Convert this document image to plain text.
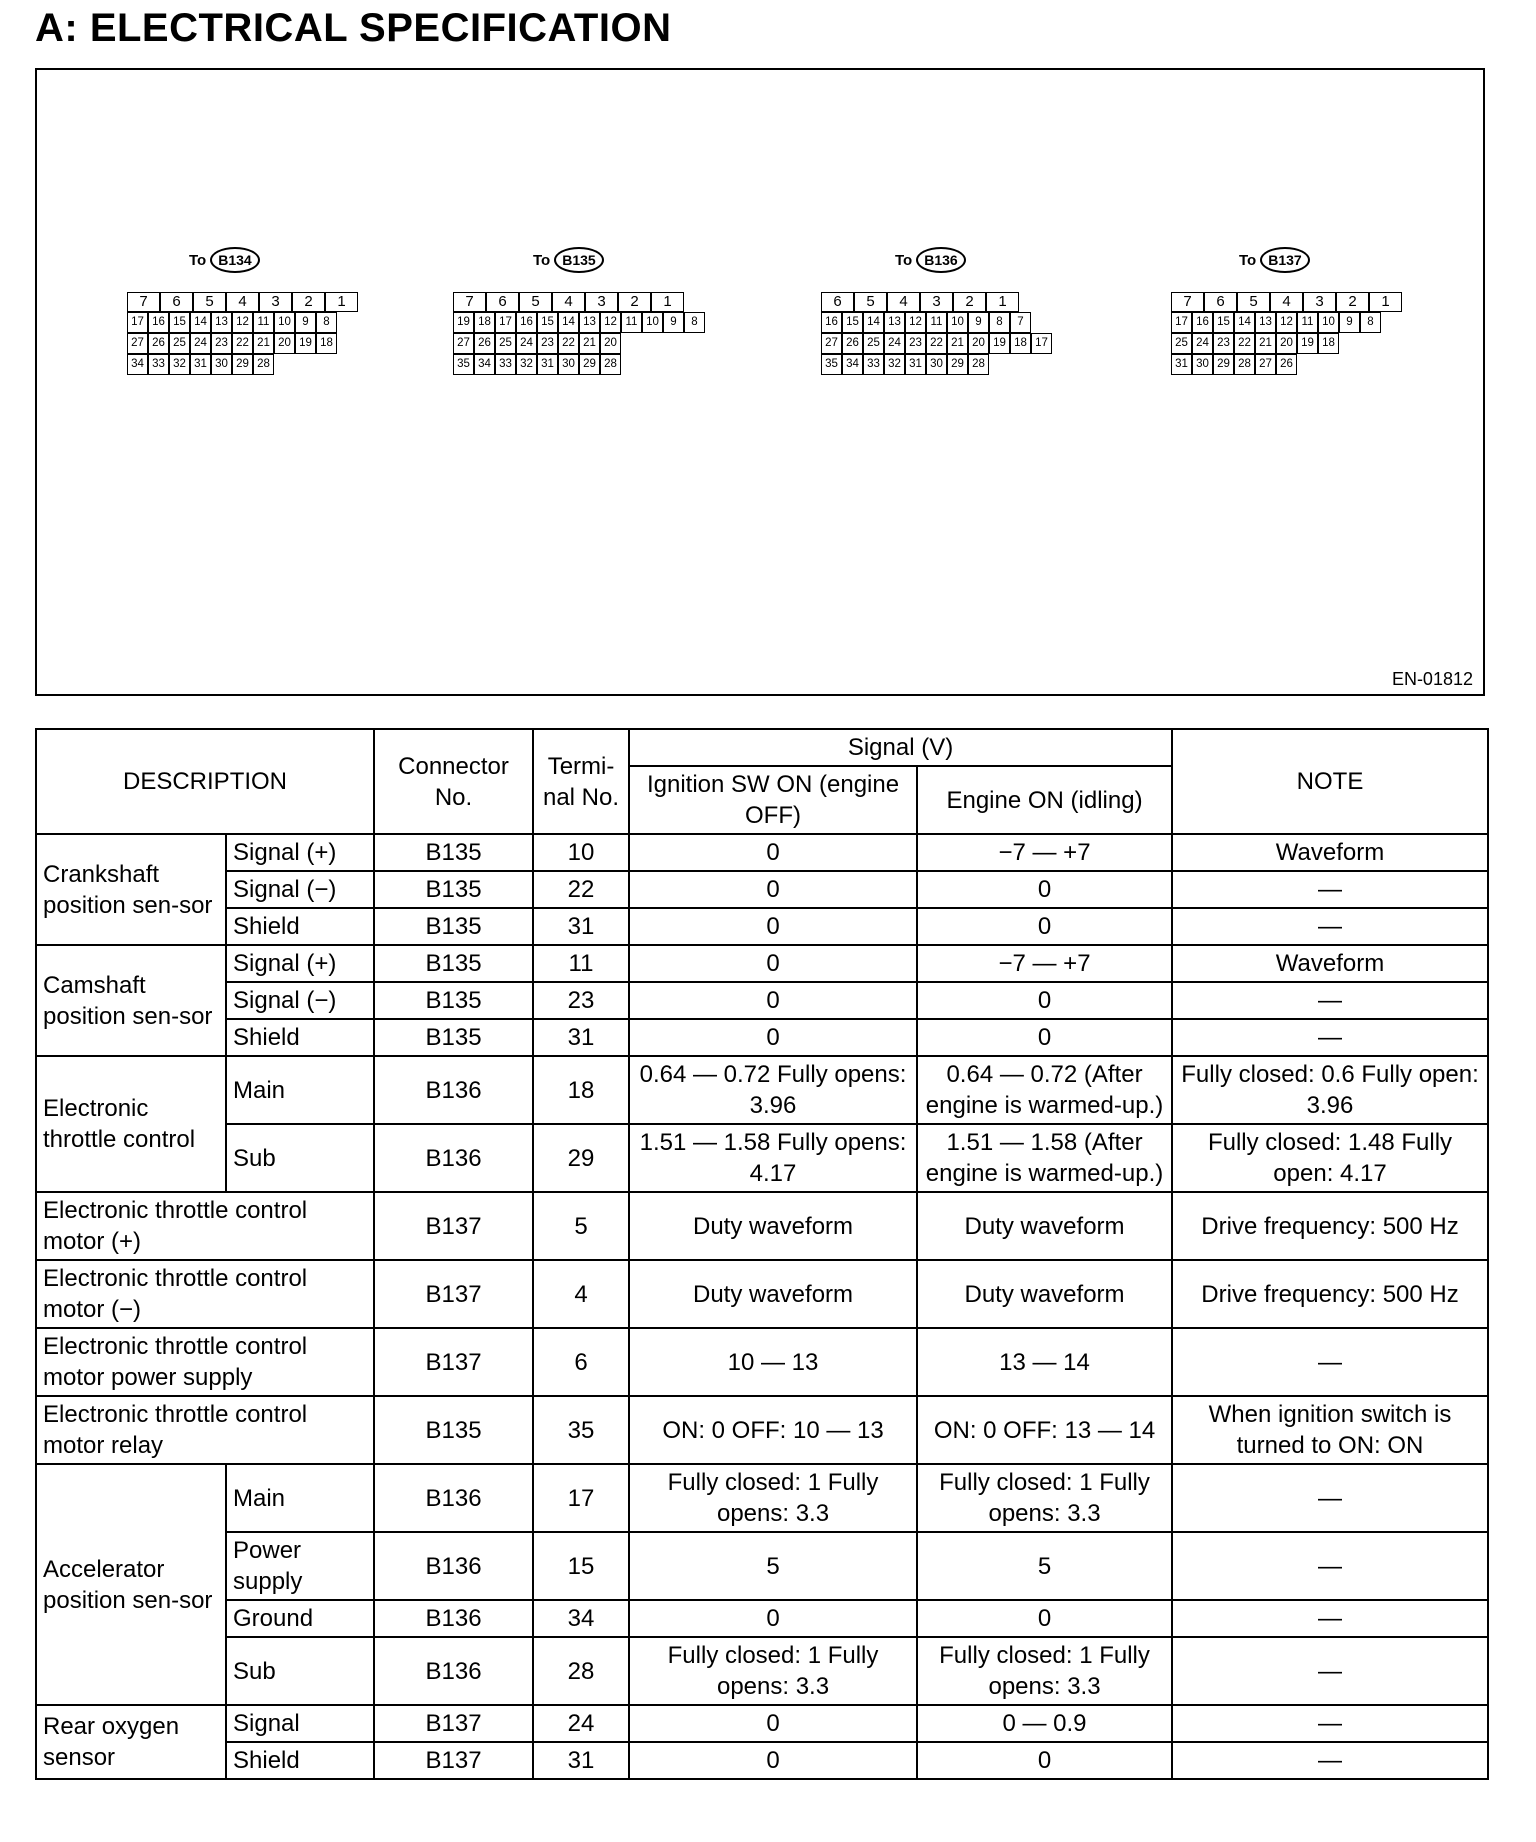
A: ELECTRICAL SPECIFICATION
To B134
7	6	5	4	3	2	1
17 16 15 14 13 12 11 10 9	8
27 26 25 24 23 22 21 20 19 18
34 33 32 31 30 29 28
To B135
7	6	5	4	3	2	1
19 18 17 16 15 14 13 12 11 10 9	8
27 26 25 24 23 22 21 20
35 34 33 32 31 30 29 28
To B136
6	5	4	3	2	1
16 15 14 13 12 11 10 9	8	7
27 26 25 24 23 22 21 20 19 18 17
35 34 33 32 31 30 29 28
To B137
7	6	5	4	3	2	1
17 16 15 14 13 12 11 10 9	8
25 24 23 22 21 20 19 18
31 30 29 28 27 26
EN-01812
DESCRIPTION		Connector No.	Termi-nal No.	Signal (V)		NOTE
				Ignition SW ON (engine OFF)	Engine ON (idling)	
Crankshaft position sen-sor	Signal (+)	B135	10	0	−7 — +7	Waveform
	Signal (−)	B135	22	0	0	—
	Shield	B135	31	0	0	—
Camshaft position sen-sor	Signal (+)	B135	11	0	−7 — +7	Waveform
	Signal (−)	B135	23	0	0	—
	Shield	B135	31	0	0	—
Electronic throttle control	Main	B136	18	0.64 — 0.72 Fully opens: 3.96	0.64 — 0.72 (After engine is warmed-up.)	Fully closed: 0.6 Fully open: 3.96
	Sub	B136	29	1.51 — 1.58 Fully opens: 4.17	1.51 — 1.58 (After engine is warmed-up.)	Fully closed: 1.48 Fully open: 4.17
Electronic throttle control motor (+)		B137	5	Duty waveform	Duty waveform	Drive frequency: 500 Hz
Electronic throttle control motor (−)		B137	4	Duty waveform	Duty waveform	Drive frequency: 500 Hz
Electronic throttle control motor power supply		B137	6	10 — 13	13 — 14	—
Electronic throttle control motor relay		B135	35	ON: 0 OFF: 10 — 13	ON: 0 OFF: 13 — 14	When ignition switch is turned to ON: ON
Accelerator position sen-sor	Main	B136	17	Fully closed: 1 Fully opens: 3.3	Fully closed: 1 Fully opens: 3.3	—
	Power supply	B136	15	5	5	—
	Ground	B136	34	0	0	—
	Sub	B136	28	Fully closed: 1 Fully opens: 3.3	Fully closed: 1 Fully opens: 3.3	—
Rear oxygen sensor	Signal	B137	24	0	0 — 0.9	—
	Shield	B137	31	0	0	—
